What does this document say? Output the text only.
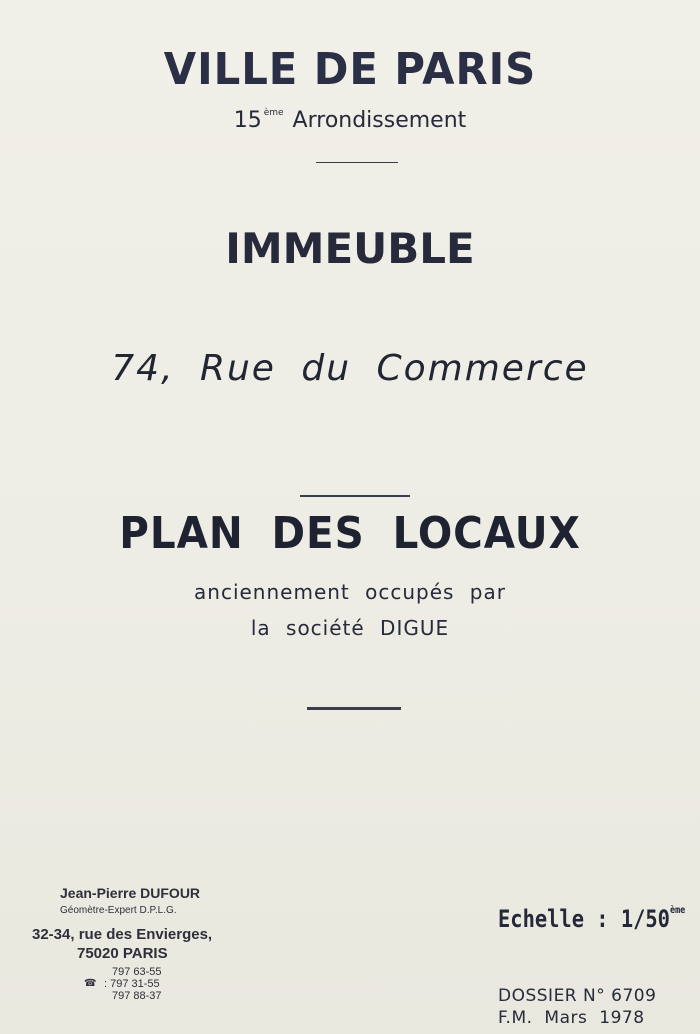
VILLE DE PARIS
15 $^{ème}$ Arrondissement
IMMEUBLE
74, Rue du Commerce
PLAN DES LOCAUX
anciennement occupés par
la société DIGUE
Jean-Pierre DUFOUR
Géomètre-Expert D.P.L.G.
32-34, rue des Envierges,
75020 PARIS
☎
797 63-55
: 797 31-55
797 88-37
Echelle : 1/50ème
DOSSIER N° 6709
F.M. Mars 1978
